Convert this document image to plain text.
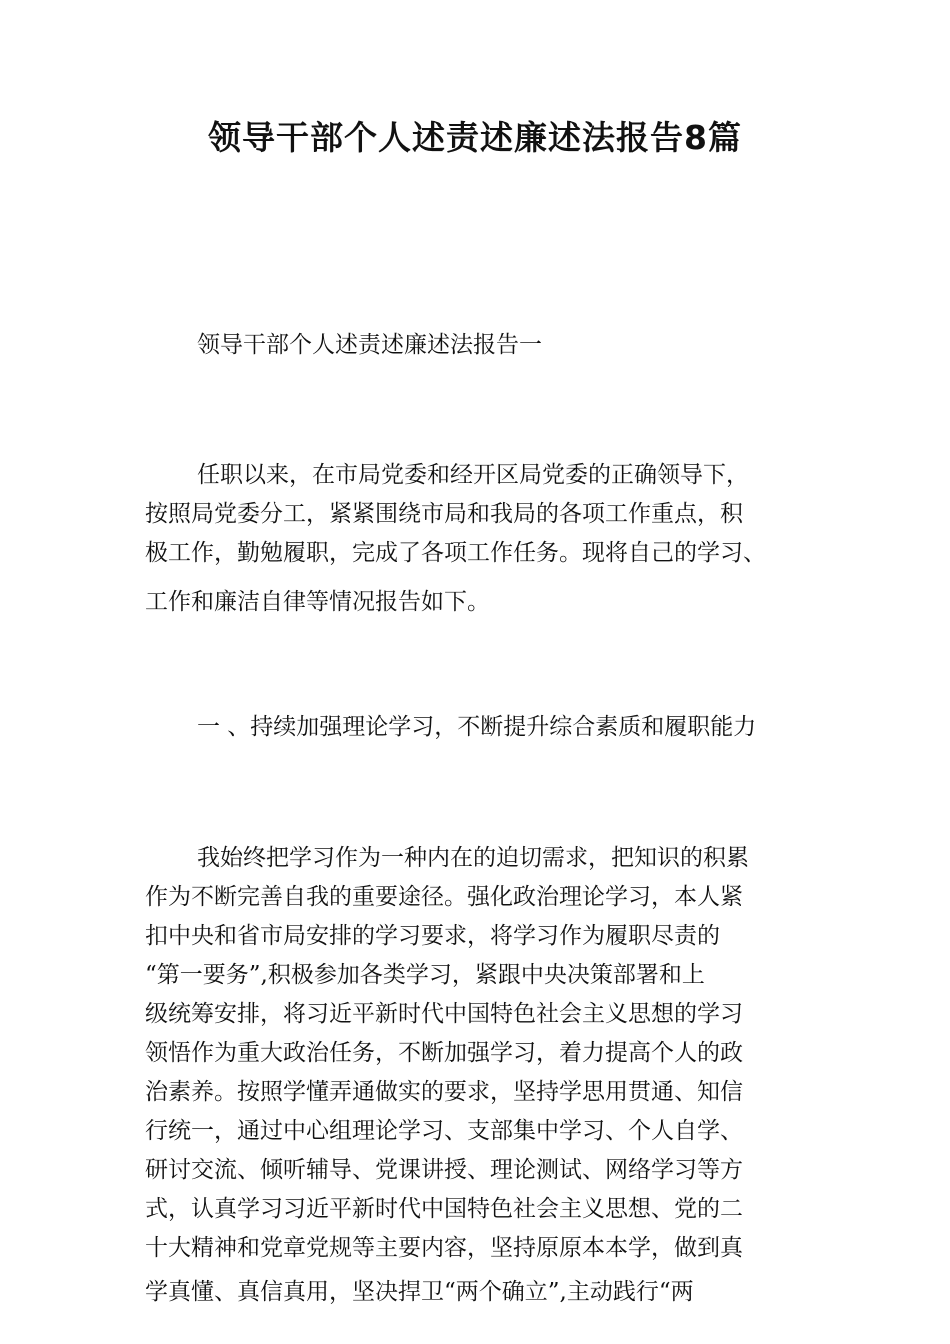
领导干部个人述责述廉述法报告8篇

领导干部个人述责述廉述法报告一

任职以来，在市局党委和经开区局党委的正确领导下，
按照局党委分工，紧紧围绕市局和我局的各项工作重点，积
极工作，勤勉履职，完成了各项工作任务。现将自己的学习、
工作和廉洁自律等情况报告如下。

一 、持续加强理论学习，不断提升综合素质和履职能力

我始终把学习作为一种内在的迫切需求，把知识的积累
作为不断完善自我的重要途径。强化政治理论学习，本人紧
扣中央和省市局安排的学习要求，将学习作为履职尽责的
“第一要务”,积极参加各类学习，紧跟中央决策部署和上
级统筹安排，将习近平新时代中国特色社会主义思想的学习
领悟作为重大政治任务，不断加强学习，着力提高个人的政
治素养。按照学懂弄通做实的要求，坚持学思用贯通、知信
行统一，通过中心组理论学习、支部集中学习、个人自学、
研讨交流、倾听辅导、党课讲授、理论测试、网络学习等方
式，认真学习习近平新时代中国特色社会主义思想、党的二
十大精神和党章党规等主要内容，坚持原原本本学，做到真
学真懂、真信真用，坚决捍卫“两个确立”,主动践行“两
